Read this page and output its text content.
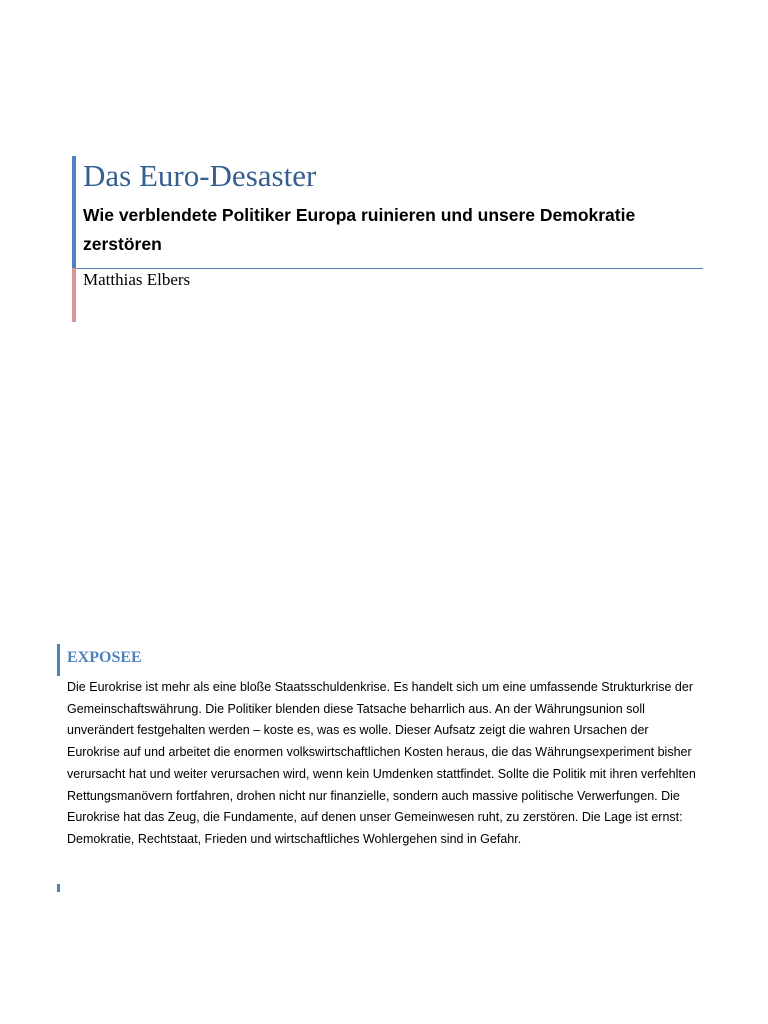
Das Euro-Desaster

Wie verblendete Politiker Europa ruinieren und unsere Demokratie zerstören

Matthias Elbers

EXPOSEE

Die Eurokrise ist mehr als eine bloße Staatsschuldenkrise. Es handelt sich um eine umfassende Strukturkrise der Gemeinschaftswährung. Die Politiker blenden diese Tatsache beharrlich aus. An der Währungsunion soll unverändert festgehalten werden – koste es, was es wolle. Dieser Aufsatz zeigt die wahren Ursachen der Eurokrise auf und arbeitet die enormen volkswirtschaftlichen Kosten heraus, die das Währungsexperiment bisher verursacht hat und weiter verursachen wird, wenn kein Umdenken stattfindet. Sollte die Politik mit ihren verfehlten Rettungsmanövern fortfahren, drohen nicht nur finanzielle, sondern auch massive politische Verwerfungen. Die Eurokrise hat das Zeug, die Fundamente, auf denen unser Gemeinwesen ruht, zu zerstören. Die Lage ist ernst: Demokratie, Rechtstaat, Frieden und wirtschaftliches Wohlergehen sind in Gefahr.
